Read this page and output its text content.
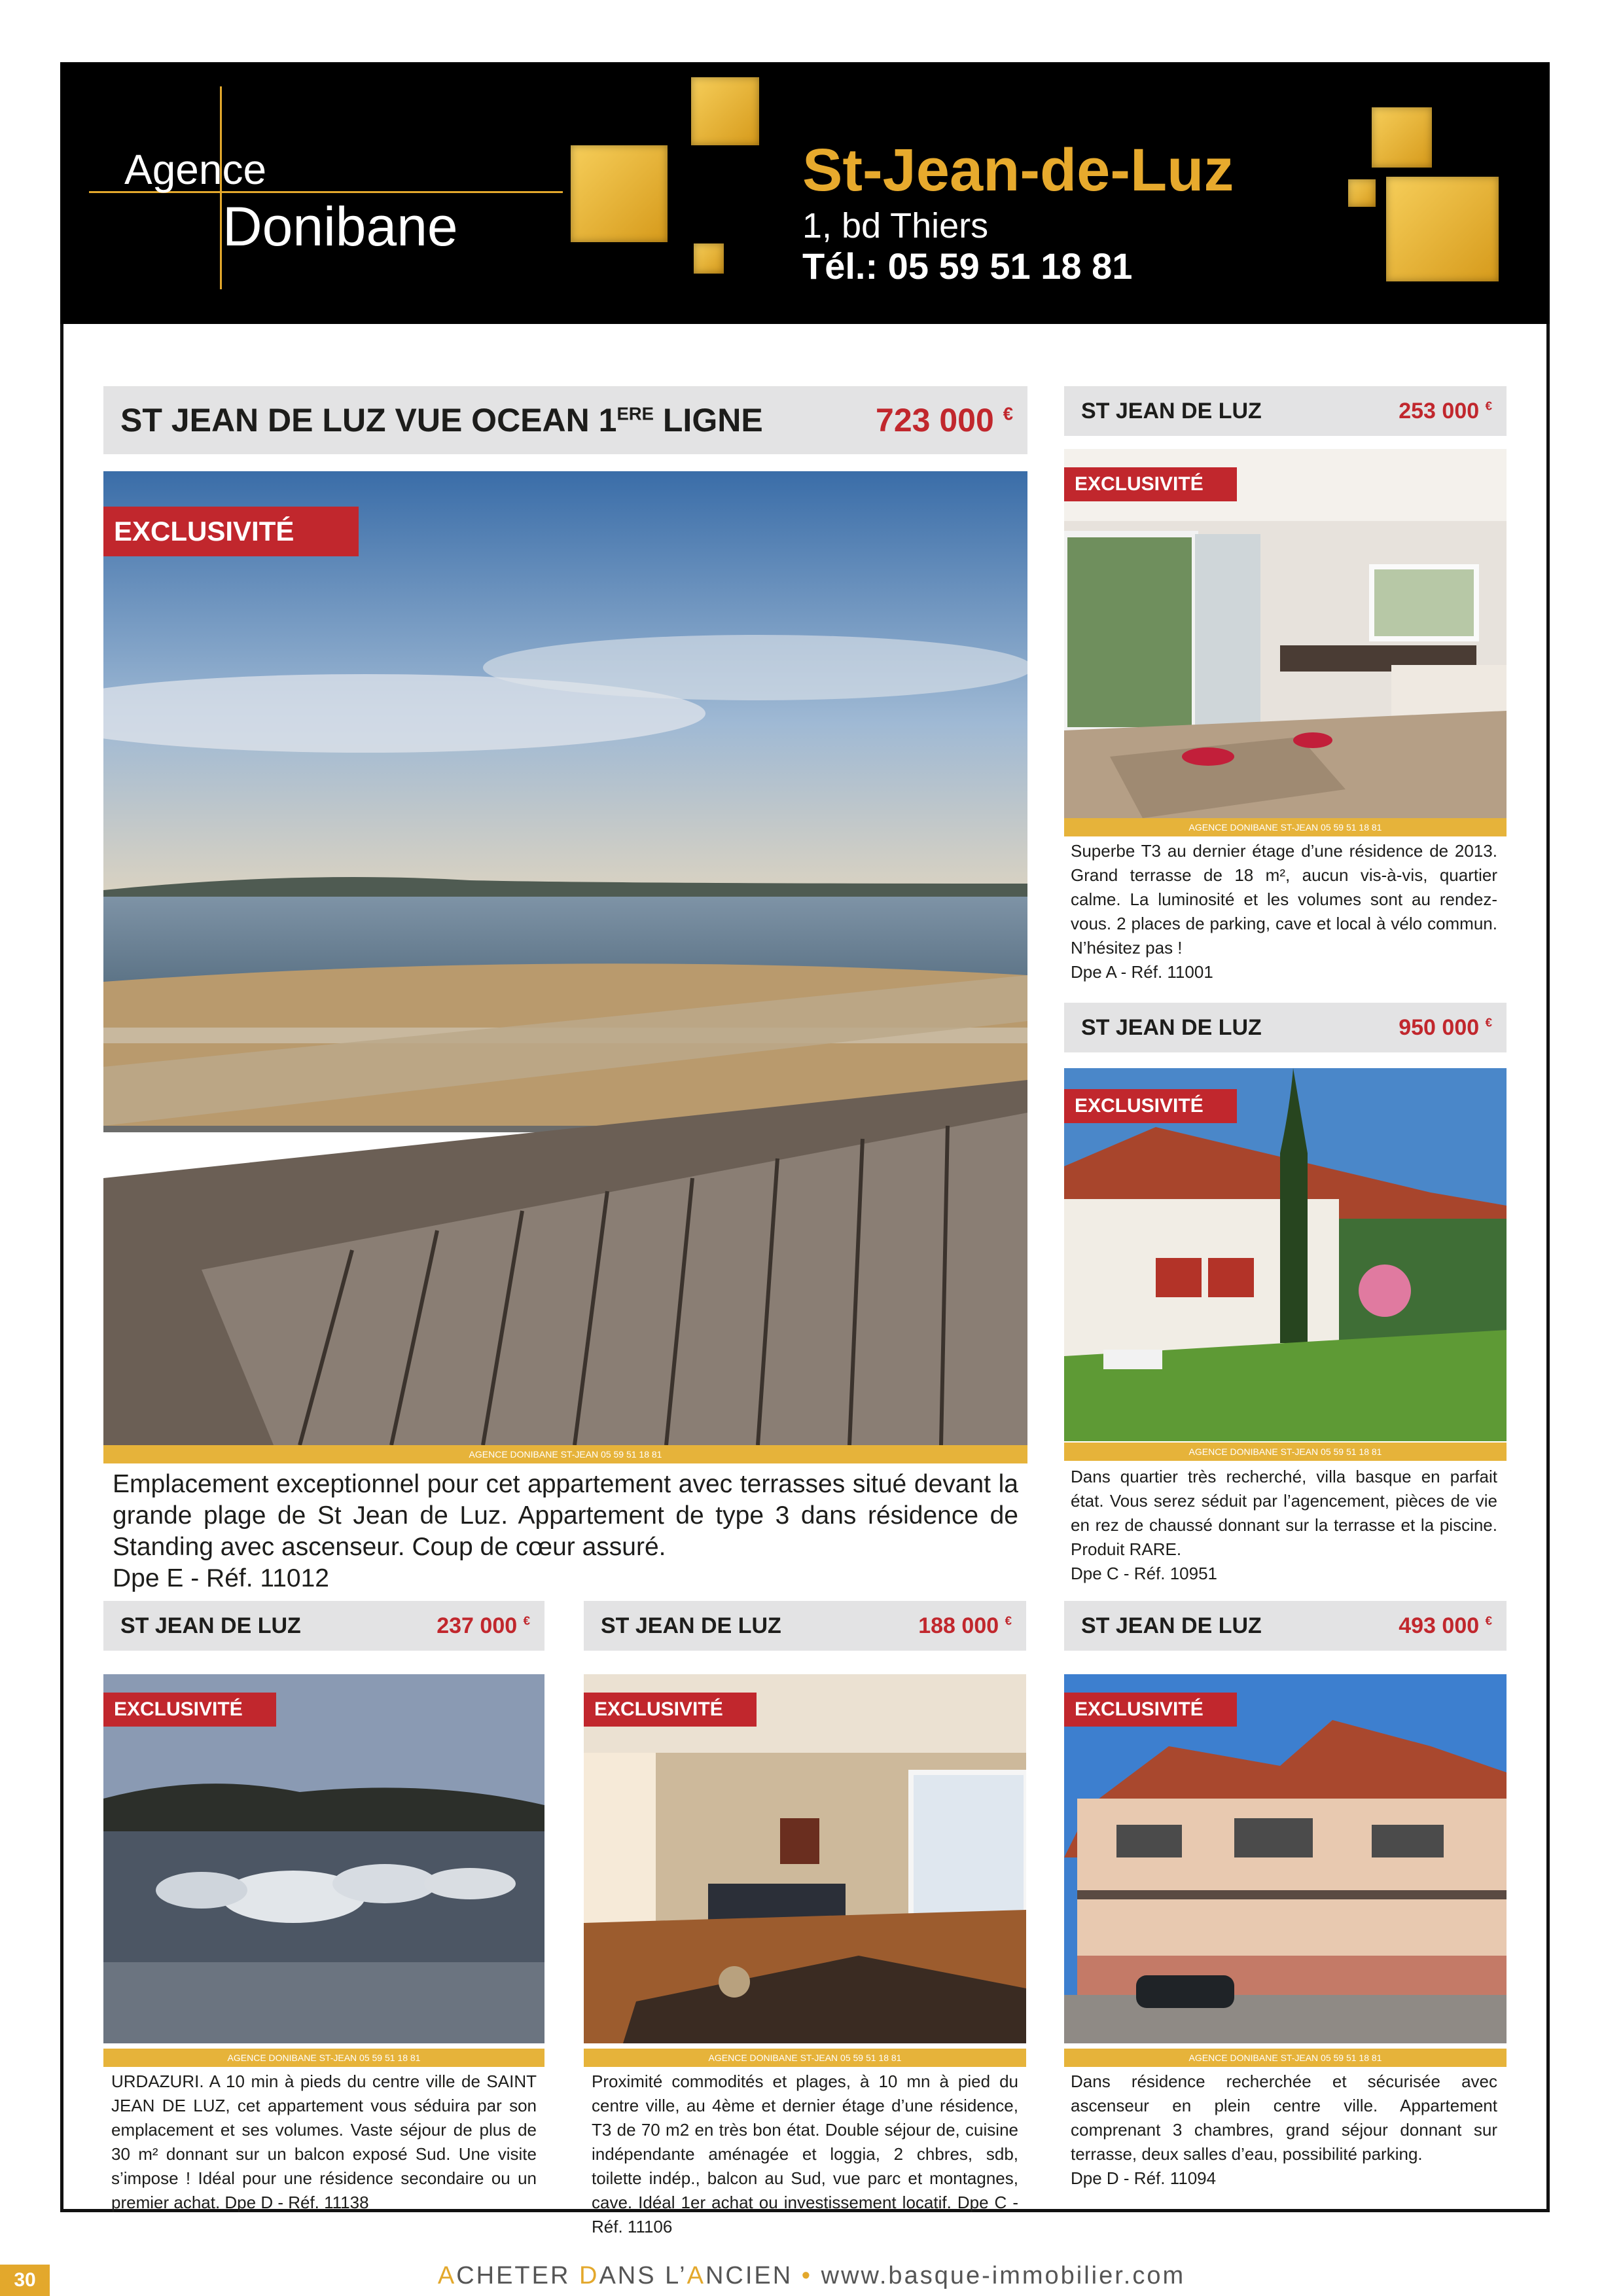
Agence
Donibane
St-Jean-de-Luz
1, bd Thiers
Tél.: 05 59 51 18 81
ST JEAN DE LUZ VUE OCEAN 1ERE LIGNE	723 000 €
EXCLUSIVITÉ
AGENCE DONIBANE ST-JEAN 05 59 51 18 81

Emplacement exceptionnel pour cet appartement avec terrasses situé devant la grande plage de St Jean de Luz. Appartement de type 3 dans résidence de Standing avec ascenseur. Coup de cœur assuré.

Dpe E - Réf. 11012

ST JEAN DE LUZ	253 000 €
EXCLUSIVITÉ
AGENCE DONIBANE ST-JEAN 05 59 51 18 81

Superbe T3 au dernier étage d’une résidence de 2013. Grand terrasse de 18 m², aucun vis-à-vis, quartier calme. La luminosité et les volumes sont au rendez-vous. 2 places de parking, cave et local à vélo commun. N’hésitez pas !

Dpe A - Réf. 11001

ST JEAN DE LUZ	950 000 €
EXCLUSIVITÉ
AGENCE DONIBANE ST-JEAN 05 59 51 18 81

Dans quartier très recherché, villa basque en parfait état. Vous serez séduit par l’agencement, pièces de vie en rez de chaussé donnant sur la terrasse et la piscine. Produit RARE.

Dpe C - Réf. 10951

ST JEAN DE LUZ	237 000 €
EXCLUSIVITÉ
AGENCE DONIBANE ST-JEAN 05 59 51 18 81

URDAZURI. A 10 min à pieds du centre ville de SAINT JEAN DE LUZ, cet appartement vous séduira par son emplacement et ses volumes. Vaste séjour de plus de 30 m² donnant sur un balcon exposé Sud. Une visite s’impose ! Idéal pour une résidence secondaire ou un premier achat. Dpe D - Réf. 11138

ST JEAN DE LUZ	188 000 €
EXCLUSIVITÉ
AGENCE DONIBANE ST-JEAN 05 59 51 18 81

Proximité commodités et plages, à 10 mn à pied du centre ville, au 4ème et dernier étage d’une résidence, T3 de 70 m2 en très bon état. Double séjour de, cuisine indépendante aménagée et loggia, 2 chbres, sdb, toilette indép., balcon au Sud, vue parc et montagnes, cave. Idéal 1er achat ou investissement locatif. Dpe C - Réf. 11106

ST JEAN DE LUZ	493 000 €
EXCLUSIVITÉ
AGENCE DONIBANE ST-JEAN 05 59 51 18 81

Dans résidence recherchée et sécurisée avec ascenseur en plein centre ville. Appartement comprenant 3 chambres, grand séjour donnant sur terrasse, deux salles d’eau, possibilité parking.

Dpe D - Réf. 11094

30	ACHETER DANS L’ANCIEN • www.basque-immobilier.com
